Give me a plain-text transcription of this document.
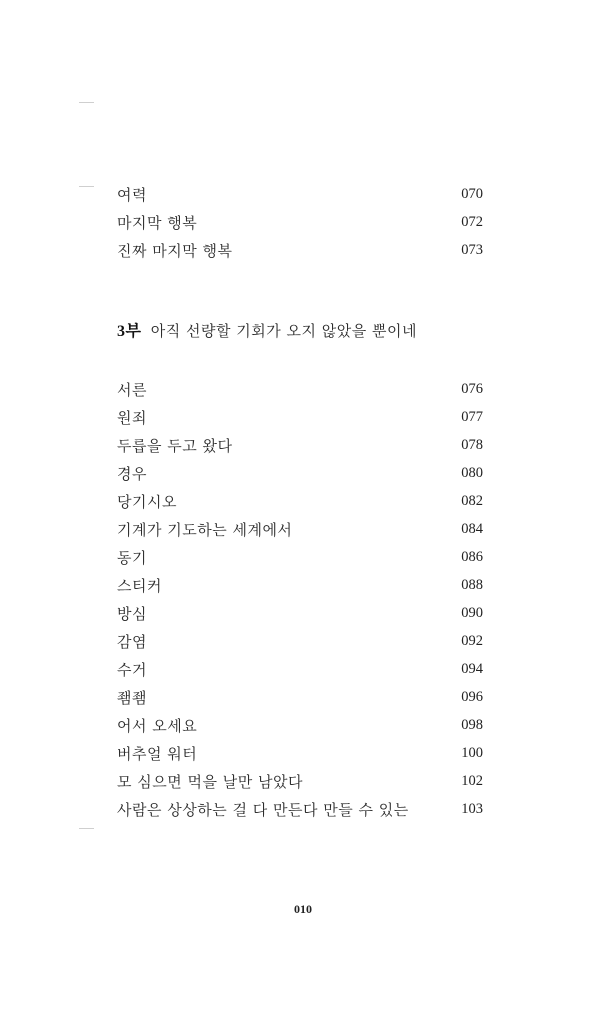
여력	070
마지막 행복	072
진짜 마지막 행복	073
3부 아직 선량할 기회가 오지 않았을 뿐이네
서른	076
원죄	077
두릅을 두고 왔다	078
경우	080
당기시오	082
기계가 기도하는 세계에서	084
동기	086
스티커	088
방심	090
감염	092
수거	094
좸좸	096
어서 오세요	098
버추얼 워터	100
모 심으면 먹을 날만 남았다	102
사람은 상상하는 걸 다 만든다 만들 수 있는	103
010
